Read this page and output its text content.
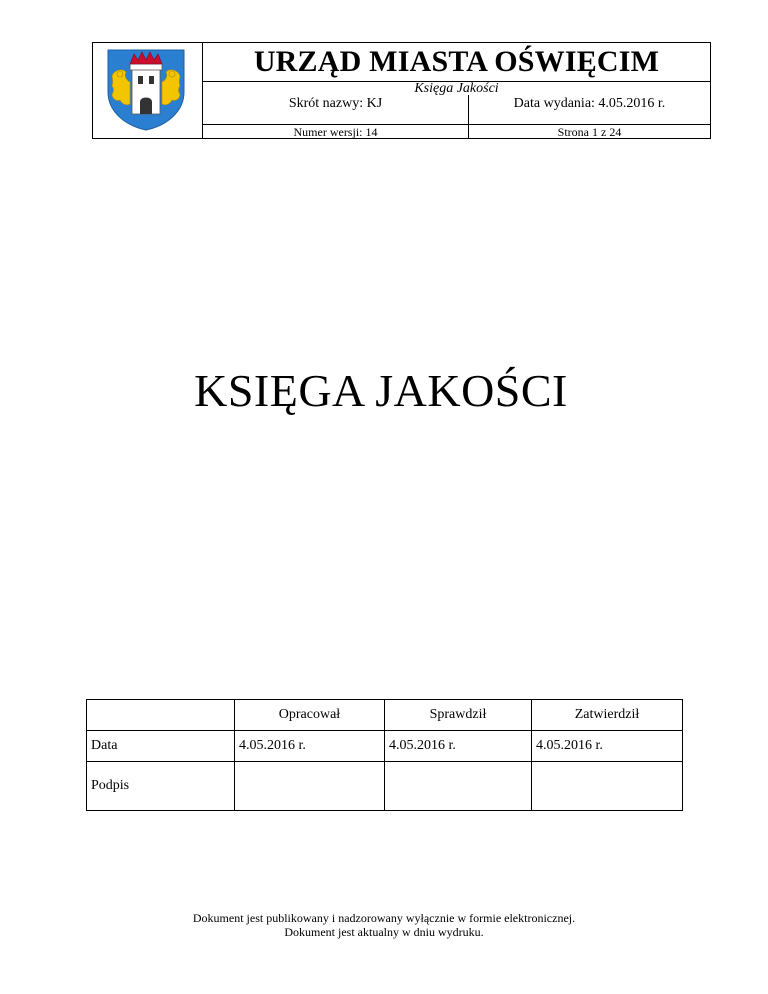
URZĄD MIASTA OŚWIĘCIM
Księga Jakości
Skrót nazwy: KJ	Data wydania: 4.05.2016 r.
Numer wersji: 14	Strona 1 z 24
KSIĘGA JAKOŚCI
	Opracował	Sprawdził	Zatwierdził
Data	4.05.2016 r.	4.05.2016 r.	4.05.2016 r.
Podpis			
Dokument jest publikowany i nadzorowany wyłącznie w formie elektronicznej.
Dokument jest aktualny w dniu wydruku.
